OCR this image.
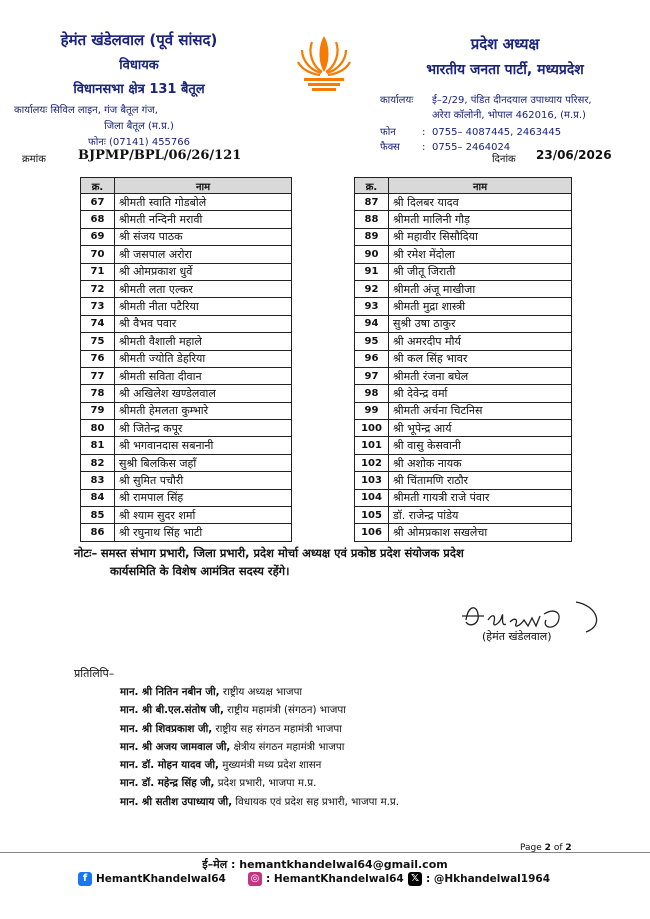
हेमंत खंडेलवाल (पूर्व सांसद)
विधायक
विधानसभा क्षेत्र 131 बैतूल
कार्यालयः सिविल लाइन, गंज बैतूल गंज,
जिला बैतूल (म.प्र.)
फोनः (07141) 455766
प्रदेश अध्यक्ष
भारतीय जनता पार्टी, मध्यप्रदेश
कार्यालयः	ई–2/29, पंडित दीनदयाल उपाध्याय परिसर,
अरेरा कॉलोनी, भोपाल 462016, (म.प्र.)
फोन	: 0755– 4087445, 2463445
फैक्स	: 0755– 2464024
क्रमांक BJPMP/BPL/06/26/121	दिनांक 23/06/2026
क्र.	नाम
67	श्रीमती स्वाति गोडबोले
68	श्रीमती नन्दिनी मरावी
69	श्री संजय पाठक
70	श्री जसपाल अरोरा
71	श्री ओमप्रकाश धुर्वे
72	श्रीमती लता एल्कर
73	श्रीमती नीता पटैरिया
74	श्री वैभव पवार
75	श्रीमती वैशाली महाले
76	श्रीमती ज्योति डेहरिया
77	श्रीमती सविता दीवान
78	श्री अखिलेश खण्डेलवाल
79	श्रीमती हेमलता कुम्भारे
80	श्री जितेन्द्र कपूर
81	श्री भगवानदास सबनानी
82	सुश्री बिलकिस जहाँ
83	श्री सुमित पचौरी
84	श्री रामपाल सिंह
85	श्री श्याम सुदर शर्मा
86	श्री रघुनाथ सिंह भाटी
क्र.	नाम
87	श्री दिलबर यादव
88	श्रीमती मालिनी गौड़
89	श्री महावीर सिसौदिया
90	श्री रमेश मेंदोला
91	श्री जीतू जिराती
92	श्रीमती अंजू माखीजा
93	श्रीमती मुद्रा शास्त्री
94	सुश्री उषा ठाकुर
95	श्री अमरदीप मौर्य
96	श्री कल सिंह भावर
97	श्रीमती रंजना बघेल
98	श्री देवेन्द्र वर्मा
99	श्रीमती अर्चना चिटनिस
100	श्री भूपेन्द्र आर्य
101	श्री वासु केसवानी
102	श्री अशोक नायक
103	श्री चिंतामणि राठौर
104	श्रीमती गायत्री राजे पंवार
105	डॉ. राजेन्द्र पांडेय
106	श्री ओमप्रकाश सखलेचा
नोटः– समस्त संभाग प्रभारी, जिला प्रभारी, प्रदेश मोर्चा अध्यक्ष एवं प्रकोष्ठ प्रदेश संयोजक प्रदेश
कार्यसमिति के विशेष आमंत्रित सदस्य रहेंगे।
(हेमंत खंडेलवाल)
प्रतिलिपि–
मान. श्री नितिन नबीन जी, राष्ट्रीय अध्यक्ष भाजपा
मान. श्री बी.एल.संतोष जी, राष्ट्रीय महामंत्री (संगठन) भाजपा
मान. श्री शिवप्रकाश जी, राष्ट्रीय सह संगठन महामंत्री भाजपा
मान. श्री अजय जामवाल जी, क्षेत्रीय संगठन महामंत्री भाजपा
मान. डॉ. मोहन यादव जी, मुख्यमंत्री मध्य प्रदेश शासन
मान. डॉ. महेन्द्र सिंह जी, प्रदेश प्रभारी, भाजपा म.प्र.
मान. श्री सतीश उपाध्याय जी, विधायक एवं प्रदेश सह प्रभारी, भाजपा म.प्र.
Page 2 of 2
ई–मेल : hemantkhandelwal64@gmail.com
f HemantKhandelwal64 ◎ : HemantKhandelwal64 𝕏 : @Hkhandelwal1964
